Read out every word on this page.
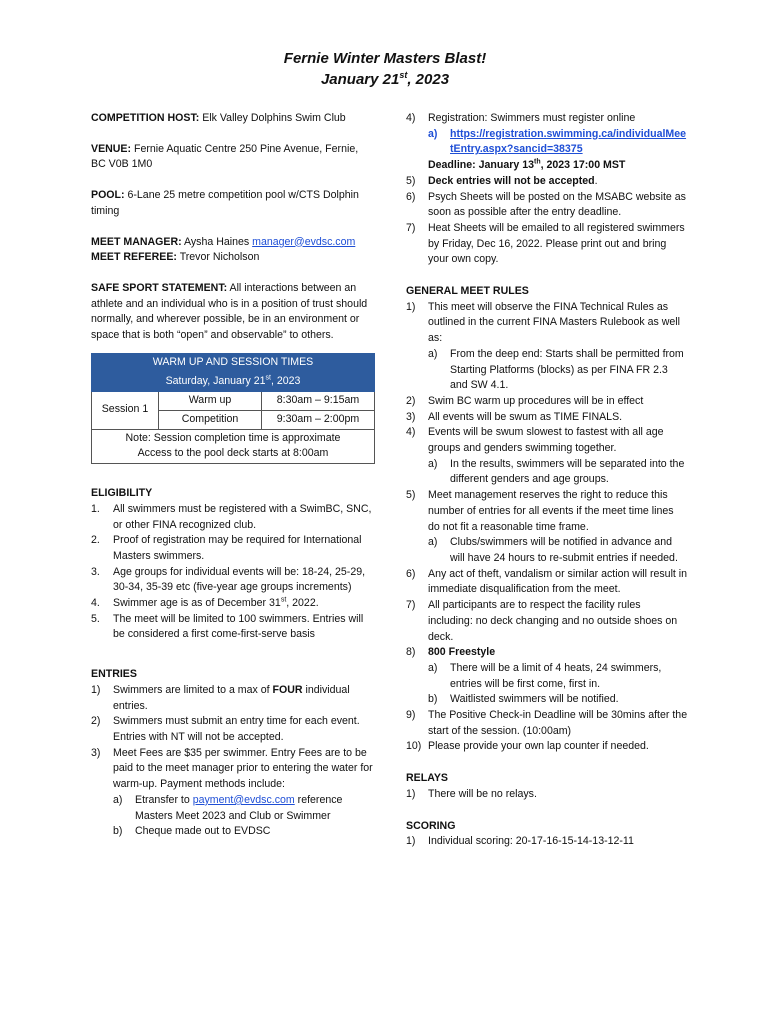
Fernie Winter Masters Blast!
January 21st, 2023

COMPETITION HOST: Elk Valley Dolphins Swim Club

VENUE: Fernie Aquatic Centre 250 Pine Avenue, Fernie, BC V0B 1M0

POOL: 6-Lane 25 metre competition pool w/CTS Dolphin timing

MEET MANAGER: Aysha Haines manager@evdsc.com

MEET REFEREE: Trevor Nicholson

SAFE SPORT STATEMENT: All interactions between an athlete and an individual who is in a position of trust should normally, and wherever possible, be in an environment or space that is both “open” and observable” to others.

WARM UP AND SESSION TIMES		
Saturday, January 21st, 2023		
Session 1	Warm up	8:30am – 9:15am
	Competition	9:30am – 2:00pm

Note: Session completion time is approximate
Access to the pool deck starts at 8:00am		

ELIGIBILITY

1.	All swimmers must be registered with a SwimBC, SNC, or other FINA recognized club.
2.	Proof of registration may be required for International Masters swimmers.
3.	Age groups for individual events will be: 18-24, 25-29, 30-34, 35-39 etc (five-year age groups increments)
4.	Swimmer age is as of December 31st, 2022.
5.	The meet will be limited to 100 swimmers. Entries will be considered a first come-first-serve basis

ENTRIES

1)	Swimmers are limited to a max of FOUR individual entries.
2)	Swimmers must submit an entry time for each event. Entries with NT will not be accepted.
3)	Meet Fees are $35 per swimmer. Entry Fees are to be paid to the meet manager prior to entering the water for warm-up. Payment methods include:
a)	Etransfer to payment@evdsc.com reference Masters Meet 2023 and Club or Swimmer
b)	Cheque made out to EVDSC
4)	Registration: Swimmers must register online
a)	https://registration.swimming.ca/individualMeetEntry.aspx?sancid=38375
Deadline: January 13th, 2023 17:00 MST
5)	Deck entries will not be accepted.
6)	Psych Sheets will be posted on the MSABC website as soon as possible after the entry deadline.
7)	Heat Sheets will be emailed to all registered swimmers by Friday, Dec 16, 2022. Please print out and bring your own copy.

GENERAL MEET RULES

1)	This meet will observe the FINA Technical Rules as outlined in the current FINA Masters Rulebook as well as:
a)	From the deep end: Starts shall be permitted from Starting Platforms (blocks) as per FINA FR 2.3 and SW 4.1.
2)	Swim BC warm up procedures will be in effect
3)	All events will be swum as TIME FINALS.
4)	Events will be swum slowest to fastest with all age groups and genders swimming together.
a)	In the results, swimmers will be separated into the different genders and age groups.
5)	Meet management reserves the right to reduce this number of entries for all events if the meet time lines do not fit a reasonable time frame.
a)	Clubs/swimmers will be notified in advance and will have 24 hours to re-submit entries if needed.
6)	Any act of theft, vandalism or similar action will result in immediate disqualification from the meet.
7)	All participants are to respect the facility rules including: no deck changing and no outside shoes on deck.
8)	800 Freestyle
a)	There will be a limit of 4 heats, 24 swimmers, entries will be first come, first in.
b)	Waitlisted swimmers will be notified.
9)	The Positive Check-in Deadline will be 30mins after the start of the session. (10:00am)
10) Please provide your own lap counter if needed.

RELAYS

1)	There will be no relays.

SCORING

1)	Individual scoring: 20-17-16-15-14-13-12-11
